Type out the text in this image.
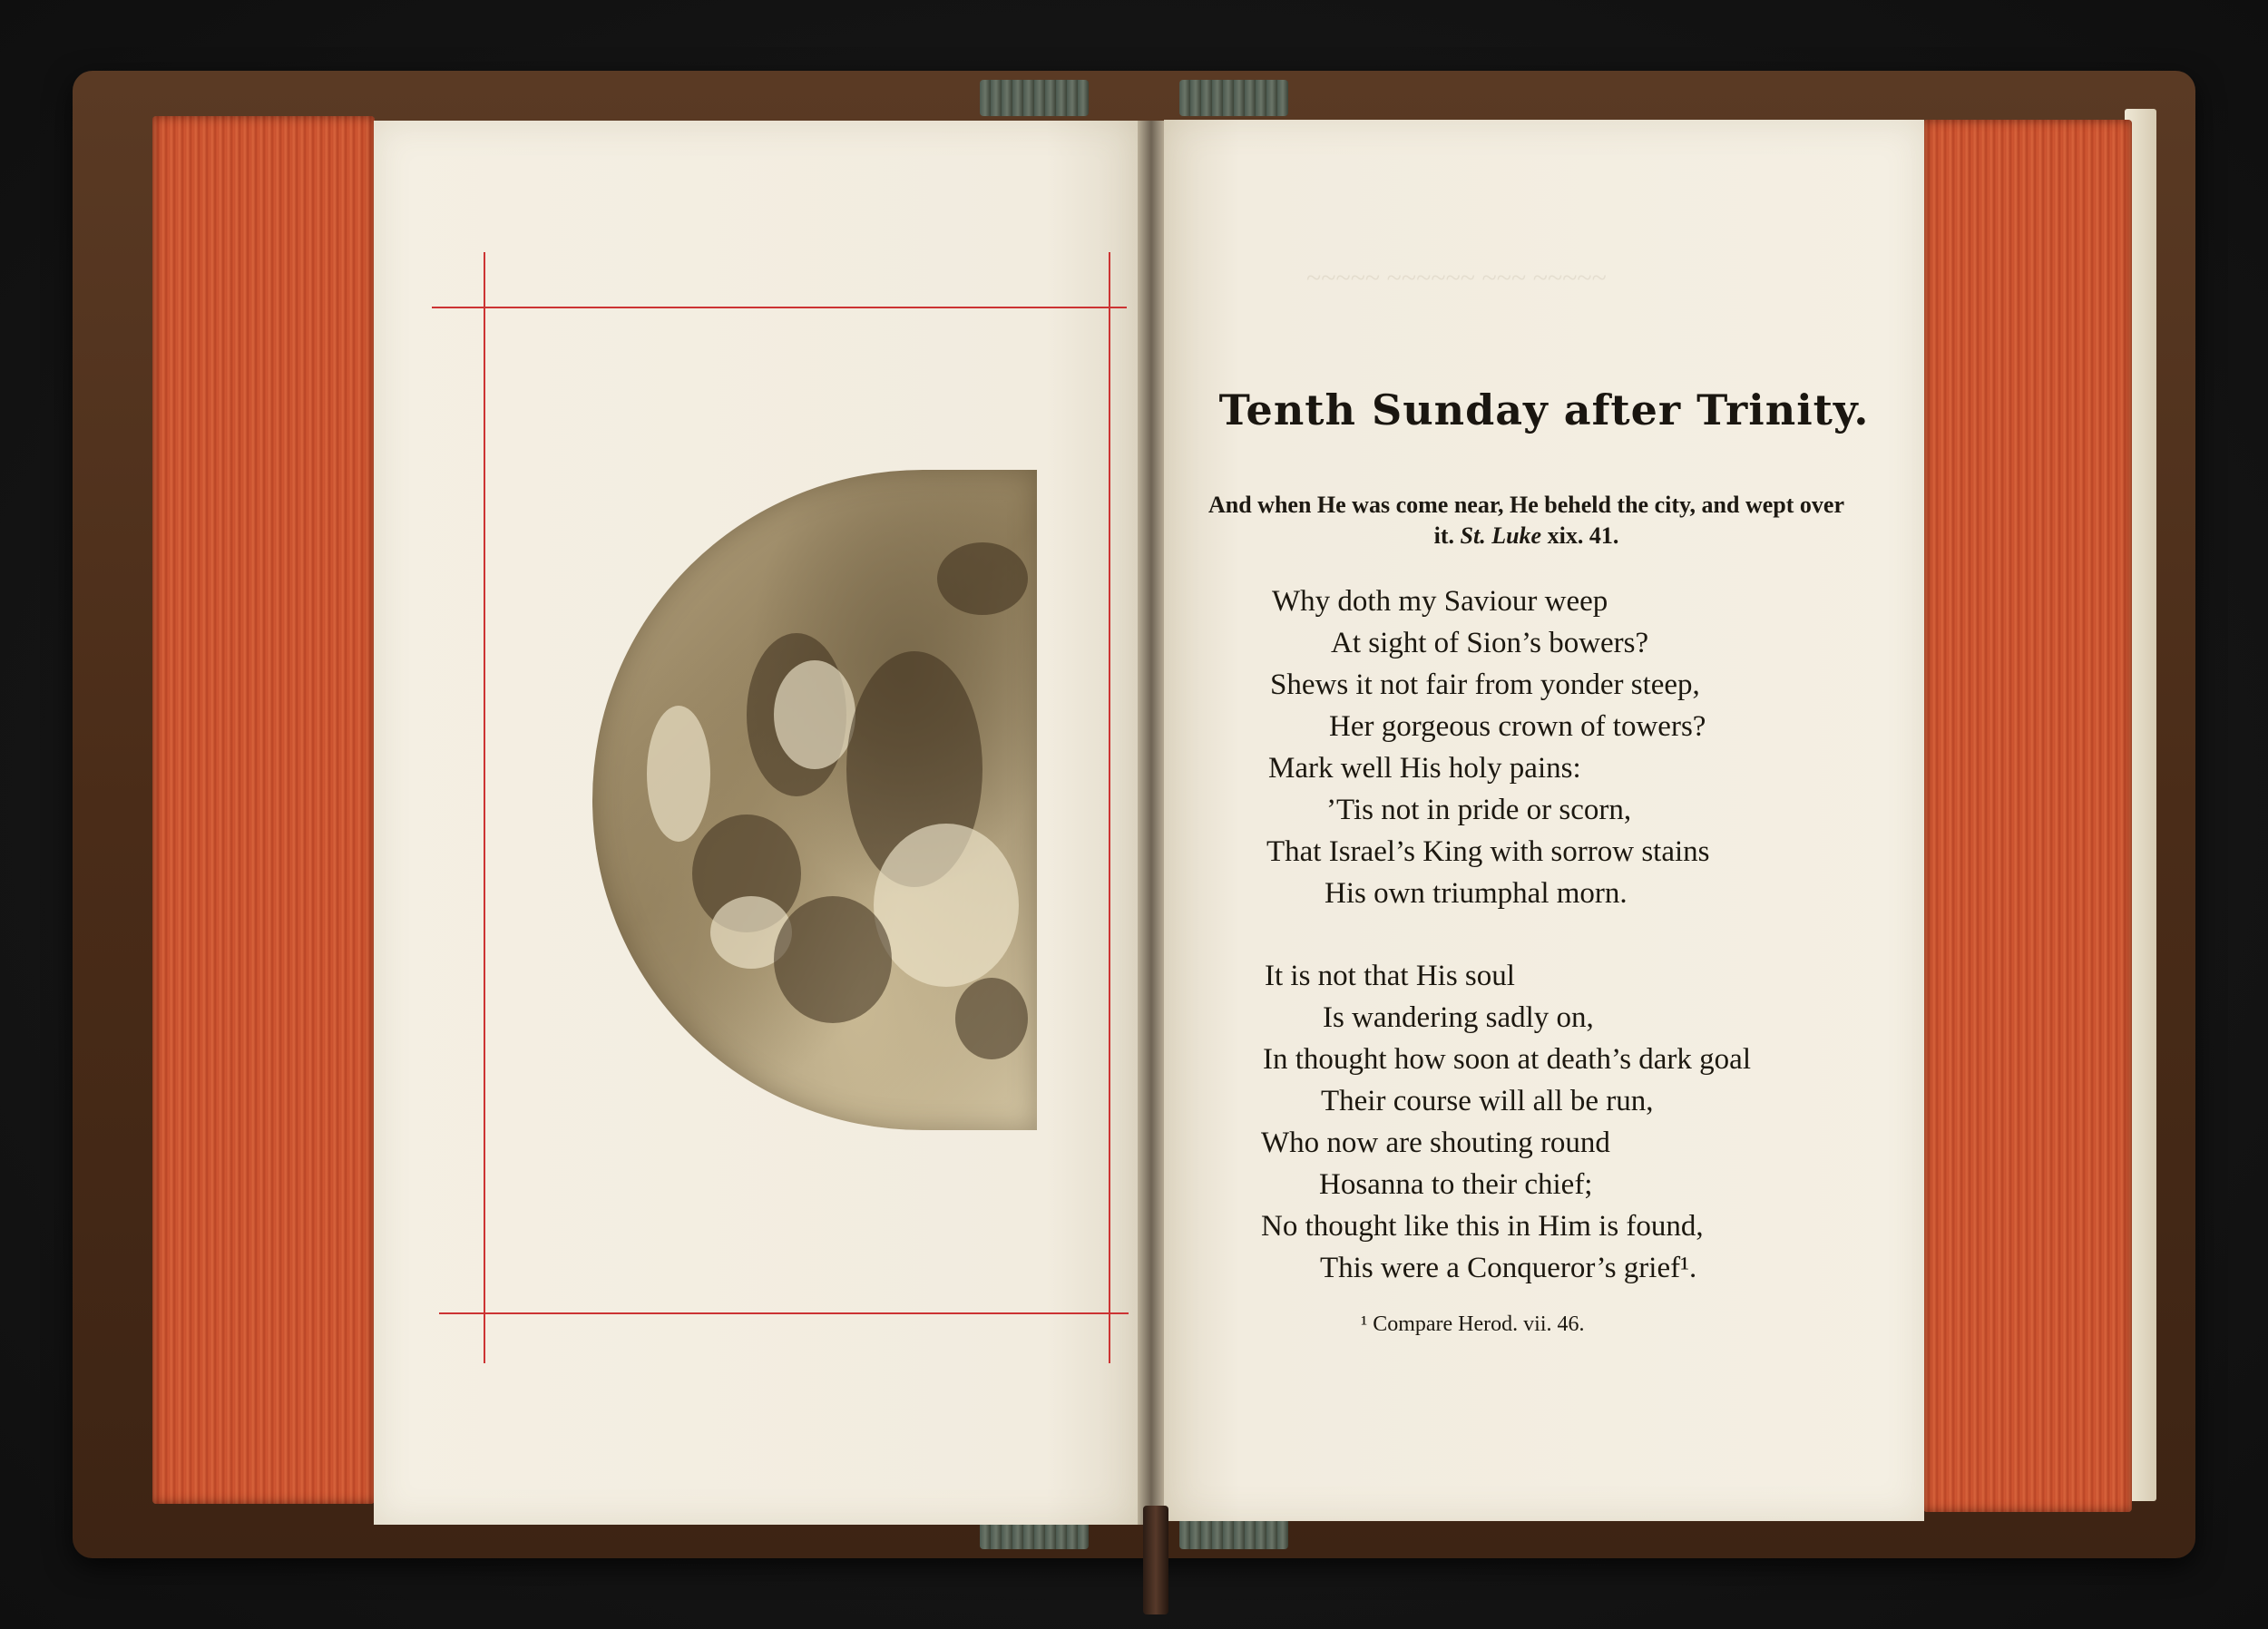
~~~~~ ~~~~~~ ~~~ ~~~~~
Tenth Sunday after Trinity.
And when He was come near, He beheld the city, and wept over it. St. Luke xix. 41.
Why doth my Saviour weep
At sight of Sion’s bowers?
Shews it not fair from yonder steep,
Her gorgeous crown of towers?
Mark well His holy pains:
’Tis not in pride or scorn,
That Israel’s King with sorrow stains
His own triumphal morn.
It is not that His soul
Is wandering sadly on,
In thought how soon at death’s dark goal
Their course will all be run,
Who now are shouting round
Hosanna to their chief;
No thought like this in Him is found,
This were a Conqueror’s grief¹.
¹ Compare Herod. vii. 46.
